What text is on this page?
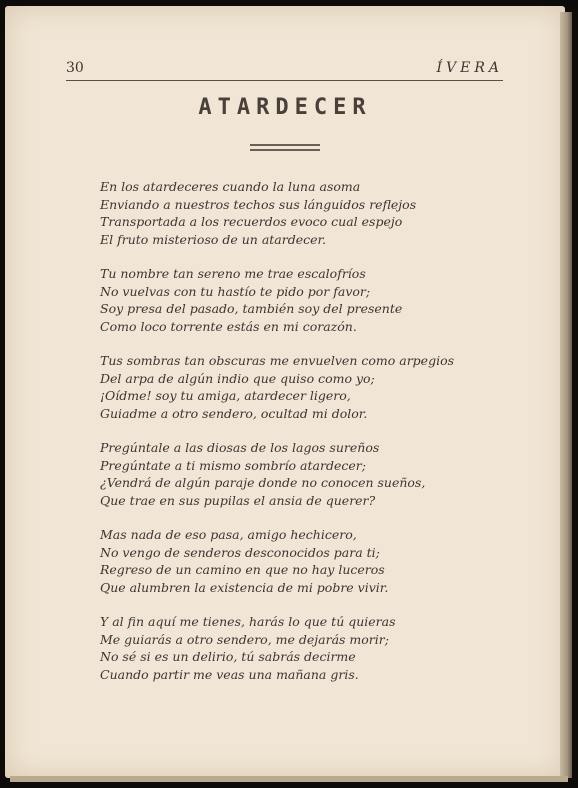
30	ÍVERA
ATARDECER
En los atardeceres cuando la luna asoma
Enviando a nuestros techos sus lánguidos reflejos
Transportada a los recuerdos evoco cual espejo
El fruto misterioso de un atardecer.
Tu nombre tan sereno me trae escalofríos
No vuelvas con tu hastío te pido por favor;
Soy presa del pasado, también soy del presente
Como loco torrente estás en mi corazón.
Tus sombras tan obscuras me envuelven como arpegios
Del arpa de algún indio que quiso como yo;
¡Oídme! soy tu amiga, atardecer ligero,
Guiadme a otro sendero, ocultad mi dolor.
Pregúntale a las diosas de los lagos sureños
Pregúntate a ti mismo sombrío atardecer;
¿Vendrá de algún paraje donde no conocen sueños,
Que trae en sus pupilas el ansia de querer?
Mas nada de eso pasa, amigo hechicero,
No vengo de senderos desconocidos para ti;
Regreso de un camino en que no hay luceros
Que alumbren la existencia de mi pobre vivir.
Y al fin aquí me tienes, harás lo que tú quieras
Me guiarás a otro sendero, me dejarás morir;
No sé si es un delirio, tú sabrás decirme
Cuando partir me veas una mañana gris.
